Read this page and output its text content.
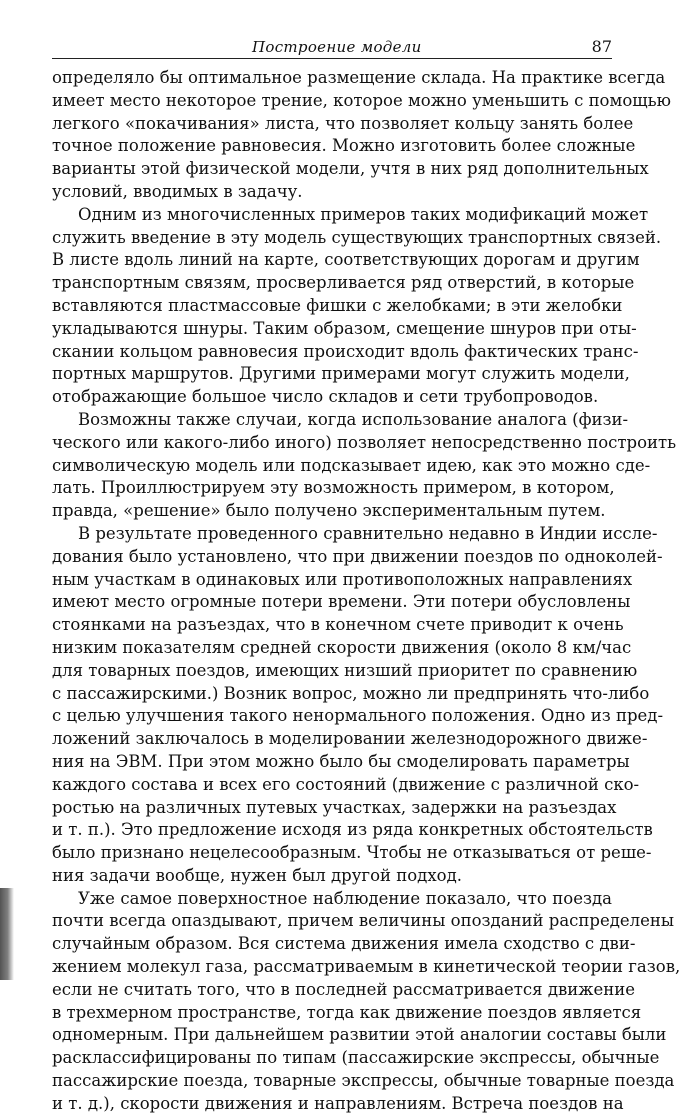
Построение модели	87
определяло бы оптимальное размещение склада. На практике всегда
имеет место некоторое трение, которое можно уменьшить с помощью
легкого «покачивания» листа, что позволяет кольцу занять более
точное положение равновесия. Можно изготовить более сложные
варианты этой физической модели, учтя в них ряд дополнительных
условий, вводимых в задачу.
Одним из многочисленных примеров таких модификаций может
служить введение в эту модель существующих транспортных связей.
В листе вдоль линий на карте, соответствующих дорогам и другим
транспортным связям, просверливается ряд отверстий, в которые
вставляются пластмассовые фишки с желобками; в эти желобки
укладываются шнуры. Таким образом, смещение шнуров при оты-
скании кольцом равновесия происходит вдоль фактических транс-
портных маршрутов. Другими примерами могут служить модели,
отображающие большое число складов и сети трубопроводов.
Возможны также случаи, когда использование аналога (физи-
ческого или какого-либо иного) позволяет непосредственно построить
символическую модель или подсказывает идею, как это можно сде-
лать. Проиллюстрируем эту возможность примером, в котором,
правда, «решение» было получено экспериментальным путем.
В результате проведенного сравнительно недавно в Индии иссле-
дования было установлено, что при движении поездов по одноколей-
ным участкам в одинаковых или противоположных направлениях
имеют место огромные потери времени. Эти потери обусловлены
стоянками на разъездах, что в конечном счете приводит к очень
низким показателям средней скорости движения (около 8 км/час
для товарных поездов, имеющих низший приоритет по сравнению
с пассажирскими.) Возник вопрос, можно ли предпринять что-либо
с целью улучшения такого ненормального положения. Одно из пред-
ложений заключалось в моделировании железнодорожного движе-
ния на ЭВМ. При этом можно было бы смоделировать параметры
каждого состава и всех его состояний (движение с различной ско-
ростью на различных путевых участках, задержки на разъездах
и т. п.). Это предложение исходя из ряда конкретных обстоятельств
было признано нецелесообразным. Чтобы не отказываться от реше-
ния задачи вообще, нужен был другой подход.
Уже самое поверхностное наблюдение показало, что поезда
почти всегда опаздывают, причем величины опозданий распределены
случайным образом. Вся система движения имела сходство с дви-
жением молекул газа, рассматриваемым в кинетической теории газов,
если не считать того, что в последней рассматривается движение
в трехмерном пространстве, тогда как движение поездов является
одномерным. При дальнейшем развитии этой аналогии составы были
расклассифицированы по типам (пассажирские экспрессы, обычные
пассажирские поезда, товарные экспрессы, обычные товарные поезда
и т. д.), скорости движения и направлениям. Встреча поездов на
